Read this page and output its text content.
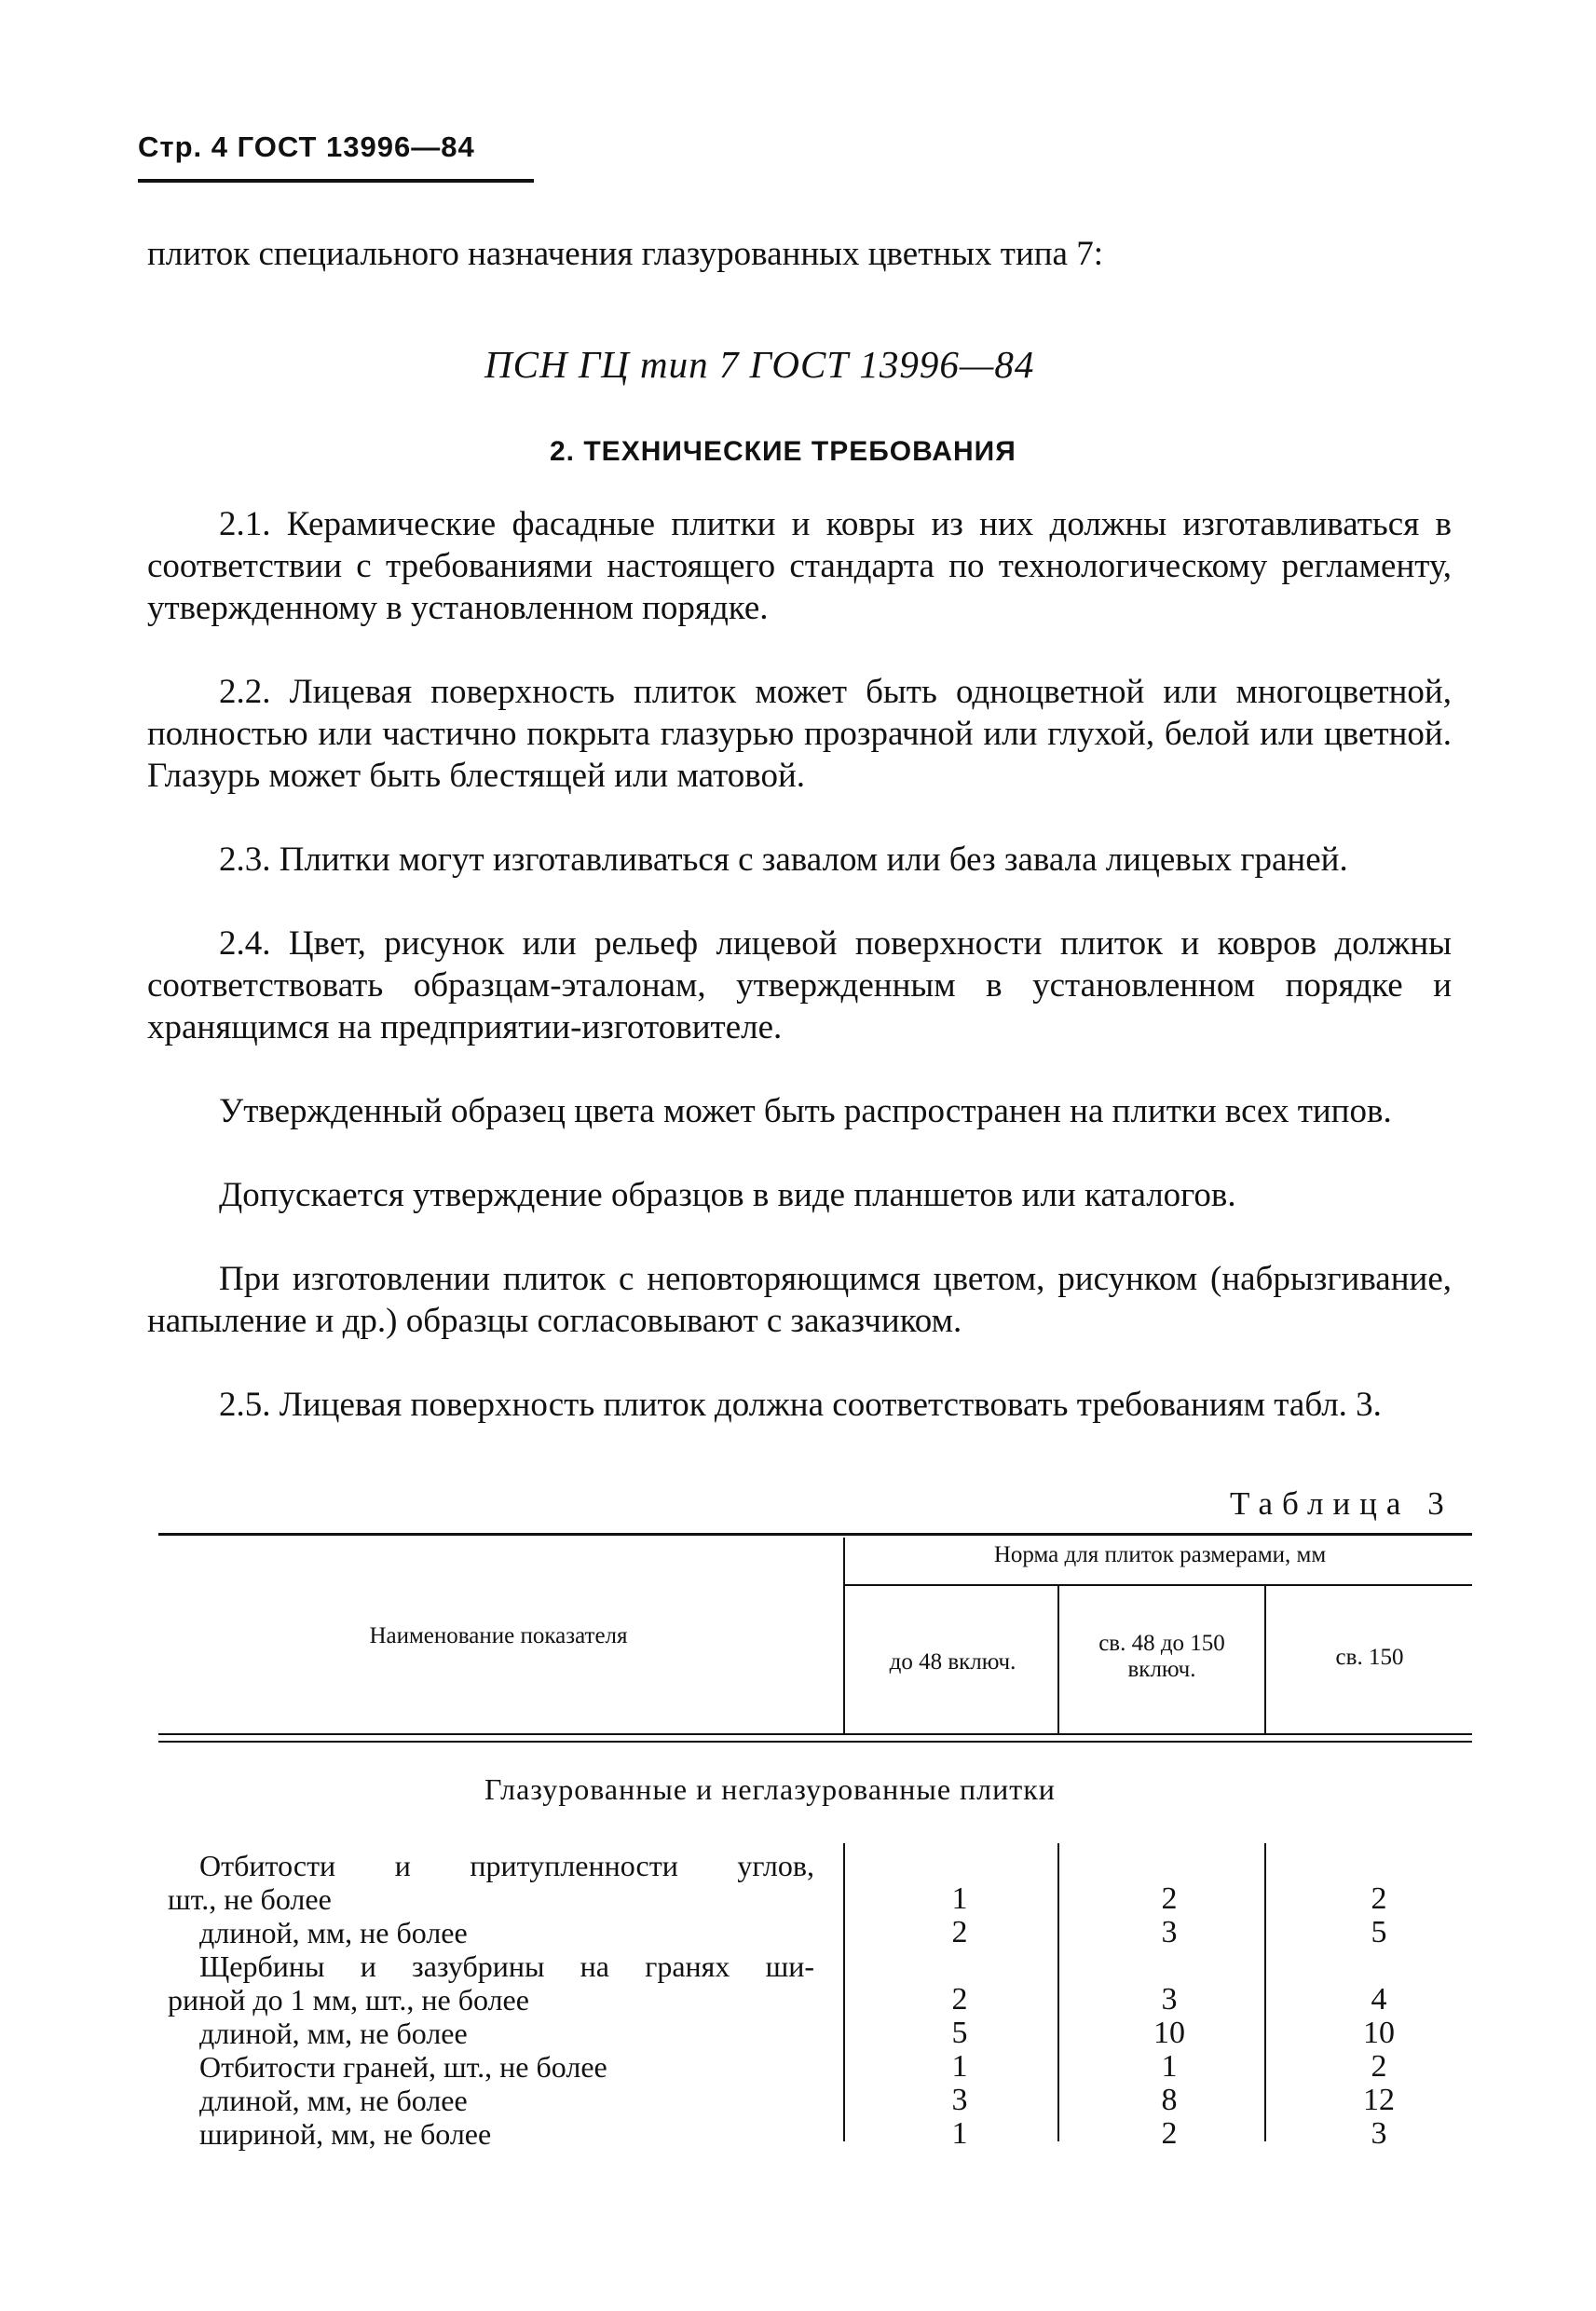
Стр. 4 ГОСТ 13996—84
плиток специального назначения глазурованных цветных типа 7:
ПСН ГЦ тип 7 ГОСТ 13996—84
2. ТЕХНИЧЕСКИЕ ТРЕБОВАНИЯ
2.1. Керамические фасадные плитки и ковры из них должны изготавливаться в соответствии с требованиями настоящего стандарта по технологическому регламенту, утвержденному в установленном порядке.
2.2. Лицевая поверхность плиток может быть одноцветной или многоцветной, полностью или частично покрыта глазурью прозрачной или глухой, белой или цветной. Глазурь может быть блестящей или матовой.
2.3. Плитки могут изготавливаться с завалом или без завала лицевых граней.
2.4. Цвет, рисунок или рельеф лицевой поверхности плиток и ковров должны соответствовать образцам-эталонам, утвержденным в установленном порядке и хранящимся на предприятии-изготовителе.
Утвержденный образец цвета может быть распространен на плитки всех типов.
Допускается утверждение образцов в виде планшетов или каталогов.
При изготовлении плиток с неповторяющимся цветом, рисунком (набрызгивание, напыление и др.) образцы согласовывают с заказчиком.
2.5. Лицевая поверхность плиток должна соответствовать требованиям табл. 3.
Таблица 3
Наименование показателя
Норма для плиток размерами, мм
до 48 включ.
св. 48 до 150 включ.	св. 150
Глазурованные и неглазурованные плитки
Отбитости и притупленности углов,
шт., не более
длиной, мм, не более
Щербины и зазубрины на гранях ши-
риной до 1 мм, шт., не более
длиной, мм, не более
Отбитости граней, шт., не более
длиной, мм, не более
шириной, мм, не более
1
2
2
5
1
3
1
2
3
3
10
1
8
2
2
5
4
10
2
12
3
